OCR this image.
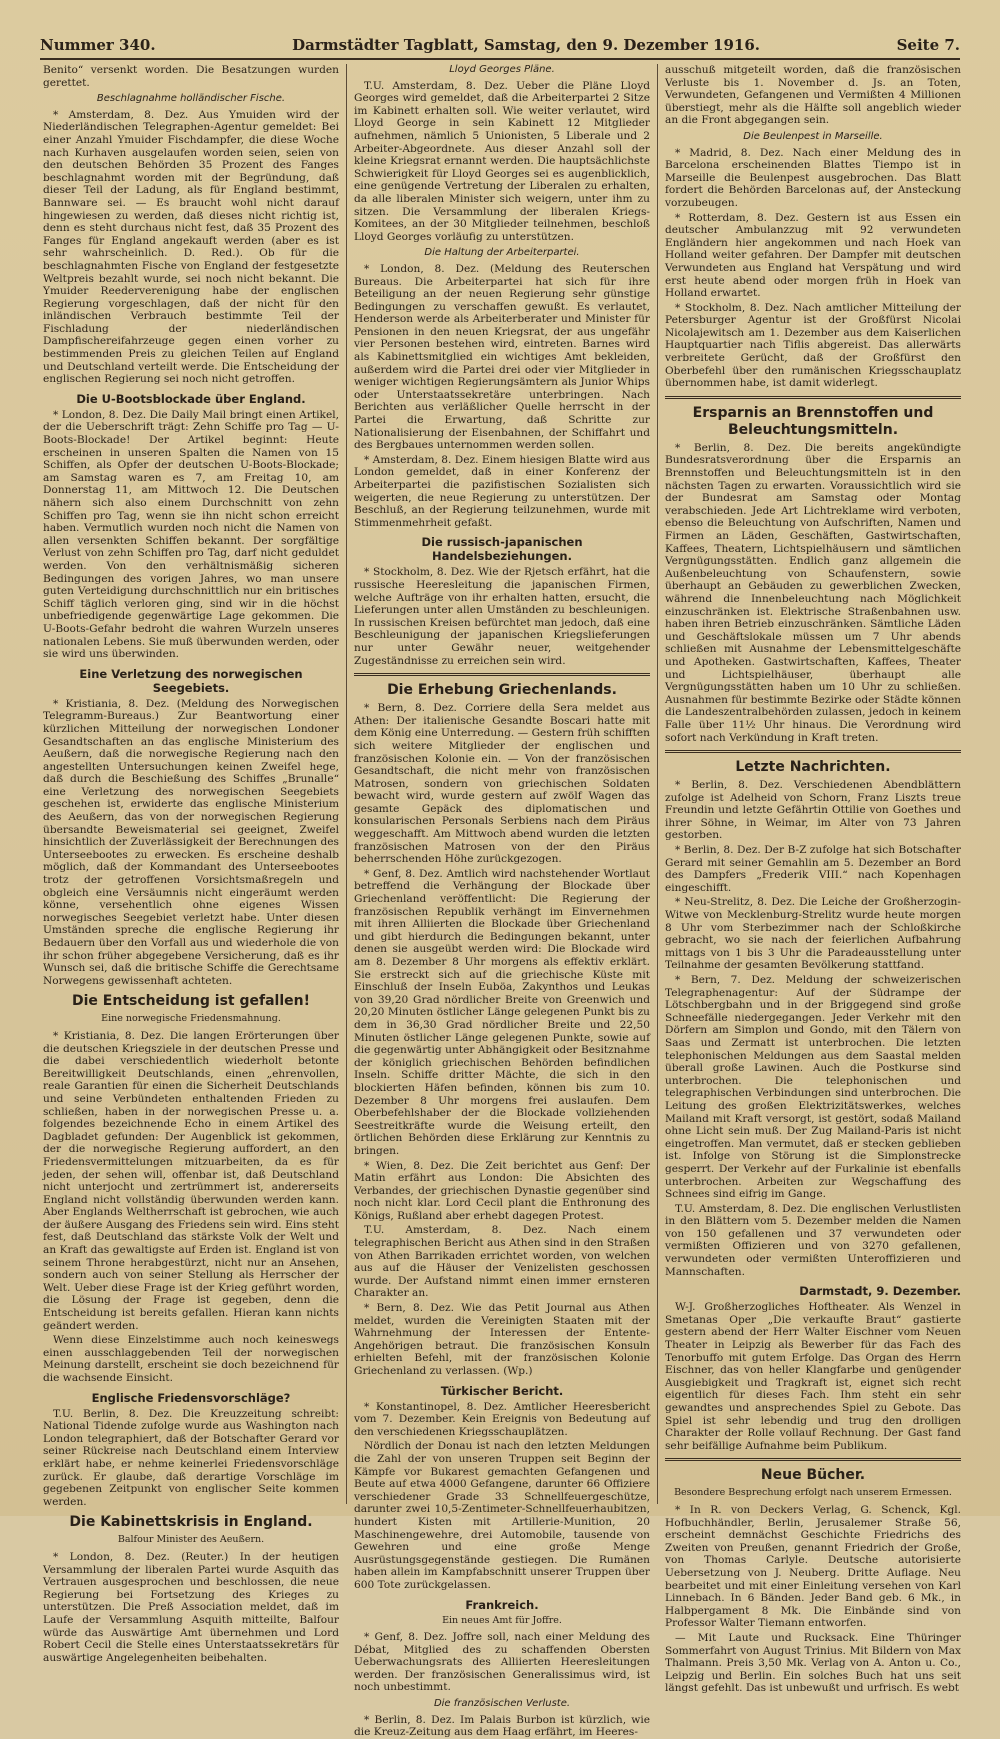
Nummer 340.	Darmstädter Tagblatt, Samstag, den 9. Dezember 1916.	Seite 7.

Benito“ versenkt worden. Die Besatzungen wurden gerettet.

Beschlagnahme holländischer Fische.

* Amsterdam, 8. Dez. Aus Ymuiden wird der Niederländischen Telegraphen-Agentur gemeldet: Bei einer Anzahl Ymuider Fischdampfer, die diese Woche nach Kurhaven ausgelaufen worden seien, seien von den deutschen Behörden 35 Prozent des Fanges beschlagnahmt worden mit der Begründung, daß dieser Teil der Ladung, als für England bestimmt, Bannware sei. — Es braucht wohl nicht darauf hingewiesen zu werden, daß dieses nicht richtig ist, denn es steht durchaus nicht fest, daß 35 Prozent des Fanges für England angekauft werden (aber es ist sehr wahrscheinlich. D. Red.). Ob für die beschlagnahmten Fische von England der festgesetzte Weltpreis bezahlt wurde, sei noch nicht bekannt. Die Ymuider Reederverenigung habe der englischen Regierung vorgeschlagen, daß der nicht für den inländischen Verbrauch bestimmte Teil der Fischladung der niederländischen Dampfischereifahrzeuge gegen einen vorher zu bestimmenden Preis zu gleichen Teilen auf England und Deutschland verteilt werde. Die Entscheidung der englischen Regierung sei noch nicht getroffen.

Die U-Bootsblockade über England.

* London, 8. Dez. Die Daily Mail bringt einen Artikel, der die Ueberschrift trägt: Zehn Schiffe pro Tag — U-Boots-Blockade! Der Artikel beginnt: Heute erscheinen in unseren Spalten die Namen von 15 Schiffen, als Opfer der deutschen U-Boots-Blockade; am Samstag waren es 7, am Freitag 10, am Donnerstag 11, am Mittwoch 12. Die Deutschen nähern sich also einem Durchschnitt von zehn Schiffen pro Tag, wenn sie ihn nicht schon erreicht haben. Vermutlich wurden noch nicht die Namen von allen versenkten Schiffen bekannt. Der sorgfältige Verlust von zehn Schiffen pro Tag, darf nicht geduldet werden. Von den verhältnismäßig sicheren Bedingungen des vorigen Jahres, wo man unsere guten Verteidigung durchschnittlich nur ein britisches Schiff täglich verloren ging, sind wir in die höchst unbefriedigende gegenwärtige Lage gekommen. Die U-Boots-Gefahr bedroht die wahren Wurzeln unseres nationalen Lebens. Sie muß überwunden werden, oder sie wird uns überwinden.

Eine Verletzung des norwegischen Seegebiets.

* Kristiania, 8. Dez. (Meldung des Norwegischen Telegramm-Bureaus.) Zur Beantwortung einer kürzlichen Mitteilung der norwegischen Londoner Gesandtschaften an das englische Ministerium des Aeußern, daß die norwegische Regierung nach den angestellten Untersuchungen keinen Zweifel hege, daß durch die Beschießung des Schiffes „Brunalle“ eine Verletzung des norwegischen Seegebiets geschehen ist, erwiderte das englische Ministerium des Aeußern, das von der norwegischen Regierung übersandte Beweismaterial sei geeignet, Zweifel hinsichtlich der Zuverlässigkeit der Berechnungen des Unterseebootes zu erwecken. Es erscheine deshalb möglich, daß der Kommandant des Unterseebootes trotz der getroffenen Vorsichtsmaßregeln und obgleich eine Versäumnis nicht eingeräumt werden könne, versehentlich ohne eigenes Wissen norwegisches Seegebiet verletzt habe. Unter diesen Umständen spreche die englische Regierung ihr Bedauern über den Vorfall aus und wiederhole die von ihr schon früher abgegebene Versicherung, daß es ihr Wunsch sei, daß die britische Schiffe die Gerechtsame Norwegens gewissenhaft achteten.

Die Entscheidung ist gefallen!
Eine norwegische Friedensmahnung.

* Kristiania, 8. Dez. Die langen Erörterungen über die deutschen Kriegsziele in der deutschen Presse und die dabei verschiedentlich wiederholt betonte Bereitwilligkeit Deutschlands, einen „ehrenvollen, reale Garantien für einen die Sicherheit Deutschlands und seine Verbündeten enthaltenden Frieden zu schließen, haben in der norwegischen Presse u. a. folgendes bezeichnende Echo in einem Artikel des Dagbladet gefunden: Der Augenblick ist gekommen, der die norwegische Regierung auffordert, an den Friedensvermittelungen mitzuarbeiten, da es für jeden, der sehen will, offenbar ist, daß Deutschland nicht unterjocht und zertrümmert ist, andererseits England nicht vollständig überwunden werden kann. Aber Englands Weltherrschaft ist gebrochen, wie auch der äußere Ausgang des Friedens sein wird. Eins steht fest, daß Deutschland das stärkste Volk der Welt und an Kraft das gewaltigste auf Erden ist. England ist von seinem Throne herabgestürzt, nicht nur an Ansehen, sondern auch von seiner Stellung als Herrscher der Welt. Ueber diese Frage ist der Krieg geführt worden, die Lösung der Frage ist gegeben, denn die Entscheidung ist bereits gefallen. Hieran kann nichts geändert werden.

Wenn diese Einzelstimme auch noch keineswegs einen ausschlaggebenden Teil der norwegischen Meinung darstellt, erscheint sie doch bezeichnend für die wachsende Einsicht.

Englische Friedensvorschläge?

T.U. Berlin, 8. Dez. Die Kreuzzeitung schreibt: National Tidende zufolge wurde aus Washington nach London telegraphiert, daß der Botschafter Gerard vor seiner Rückreise nach Deutschland einem Interview erklärt habe, er nehme keinerlei Friedensvorschläge zurück. Er glaube, daß derartige Vorschläge im gegebenen Zeitpunkt von englischer Seite kommen werden.

Die Kabinettskrisis in England.
Balfour Minister des Aeußern.

* London, 8. Dez. (Reuter.) In der heutigen Versammlung der liberalen Partei wurde Asquith das Vertrauen ausgesprochen und beschlossen, die neue Regierung bei Fortsetzung des Krieges zu unterstützen. Die Preß Association meldet, daß im Laufe der Versammlung Asquith mitteilte, Balfour würde das Auswärtige Amt übernehmen und Lord Robert Cecil die Stelle eines Unterstaatssekretärs für auswärtige Angelegenheiten beibehalten.

Lloyd Georges Pläne.

T.U. Amsterdam, 8. Dez. Ueber die Pläne Lloyd Georges wird gemeldet, daß die Arbeiterpartei 2 Sitze im Kabinett erhalten soll. Wie weiter verlautet, wird Lloyd George in sein Kabinett 12 Mitglieder aufnehmen, nämlich 5 Unionisten, 5 Liberale und 2 Arbeiter-Abgeordnete. Aus dieser Anzahl soll der kleine Kriegsrat ernannt werden. Die hauptsächlichste Schwierigkeit für Lloyd Georges sei es augenblicklich, eine genügende Vertretung der Liberalen zu erhalten, da alle liberalen Minister sich weigern, unter ihm zu sitzen. Die Versammlung der liberalen Kriegs-Komitees, an der 30 Mitglieder teilnehmen, beschloß Lloyd Georges vorläufig zu unterstützen.

Die Haltung der Arbeiterpartei.

* London, 8. Dez. (Meldung des Reuterschen Bureaus. Die Arbeiterpartei hat sich für ihre Beteiligung an der neuen Regierung sehr günstige Bedingungen zu verschaffen gewußt. Es verlautet, Henderson werde als Arbeiterberater und Minister für Pensionen in den neuen Kriegsrat, der aus ungefähr vier Personen bestehen wird, eintreten. Barnes wird als Kabinettsmitglied ein wichtiges Amt bekleiden, außerdem wird die Partei drei oder vier Mitglieder in weniger wichtigen Regierungsämtern als Junior Whips oder Unterstaatssekretäre unterbringen. Nach Berichten aus verläßlicher Quelle herrscht in der Partei die Erwartung, daß Schritte zur Nationalisierung der Eisenbahnen, der Schiffahrt und des Bergbaues unternommen werden sollen.

* Amsterdam, 8. Dez. Einem hiesigen Blatte wird aus London gemeldet, daß in einer Konferenz der Arbeiterpartei die pazifistischen Sozialisten sich weigerten, die neue Regierung zu unterstützen. Der Beschluß, an der Regierung teilzunehmen, wurde mit Stimmenmehrheit gefaßt.

Die russisch-japanischen Handelsbeziehungen.

* Stockholm, 8. Dez. Wie der Rjetsch erfährt, hat die russische Heeresleitung die japanischen Firmen, welche Aufträge von ihr erhalten hatten, ersucht, die Lieferungen unter allen Umständen zu beschleunigen. In russischen Kreisen befürchtet man jedoch, daß eine Beschleunigung der japanischen Kriegslieferungen nur unter Gewähr neuer, weitgehender Zugeständnisse zu erreichen sein wird.

Die Erhebung Griechenlands.

* Bern, 8. Dez. Corriere della Sera meldet aus Athen: Der italienische Gesandte Boscari hatte mit dem König eine Unterredung. — Gestern früh schifften sich weitere Mitglieder der englischen und französischen Kolonie ein. — Von der französischen Gesandtschaft, die nicht mehr von französischen Matrosen, sondern von griechischen Soldaten bewacht wird, wurde gestern auf zwölf Wagen das gesamte Gepäck des diplomatischen und konsularischen Personals Serbiens nach dem Piräus weggeschafft. Am Mittwoch abend wurden die letzten französischen Matrosen von der den Piräus beherrschenden Höhe zurückgezogen.

* Genf, 8. Dez. Amtlich wird nachstehender Wortlaut betreffend die Verhängung der Blockade über Griechenland veröffentlicht: Die Regierung der französischen Republik verhängt im Einvernehmen mit ihren Alliierten die Blockade über Griechenland und gibt hierdurch die Bedingungen bekannt, unter denen sie ausgeübt werden wird: Die Blockade wird am 8. Dezember 8 Uhr morgens als effektiv erklärt. Sie erstreckt sich auf die griechische Küste mit Einschluß der Inseln Euböa, Zakynthos und Leukas von 39,20 Grad nördlicher Breite von Greenwich und 20,20 Minuten östlicher Länge gelegenen Punkt bis zu dem in 36,30 Grad nördlicher Breite und 22,50 Minuten östlicher Länge gelegenen Punkte, sowie auf die gegenwärtig unter Abhängigkeit oder Besitznahme der königlich griechischen Behörden befindlichen Inseln. Schiffe dritter Mächte, die sich in den blockierten Häfen befinden, können bis zum 10. Dezember 8 Uhr morgens frei auslaufen. Dem Oberbefehlshaber der die Blockade vollziehenden Seestreitkräfte wurde die Weisung erteilt, den örtlichen Behörden diese Erklärung zur Kenntnis zu bringen.

* Wien, 8. Dez. Die Zeit berichtet aus Genf: Der Matin erfährt aus London: Die Absichten des Verbandes, der griechischen Dynastie gegenüber sind noch nicht klar. Lord Cecil plant die Enthronung des Königs, Rußland aber erhebt dagegen Protest.

T.U. Amsterdam, 8. Dez. Nach einem telegraphischen Bericht aus Athen sind in den Straßen von Athen Barrikaden errichtet worden, von welchen aus auf die Häuser der Venizelisten geschossen wurde. Der Aufstand nimmt einen immer ernsteren Charakter an.

* Bern, 8. Dez. Wie das Petit Journal aus Athen meldet, wurden die Vereinigten Staaten mit der Wahrnehmung der Interessen der Entente-Angehörigen betraut. Die französischen Konsuln erhielten Befehl, mit der französischen Kolonie Griechenland zu verlassen. (Wp.)

Türkischer Bericht.

* Konstantinopel, 8. Dez. Amtlicher Heeresbericht vom 7. Dezember. Kein Ereignis von Bedeutung auf den verschiedenen Kriegsschauplätzen.

Nördlich der Donau ist nach den letzten Meldungen die Zahl der von unseren Truppen seit Beginn der Kämpfe vor Bukarest gemachten Gefangenen und Beute auf etwa 4000 Gefangene, darunter 66 Offiziere verschiedener Grade 33 Schnellfeuergeschütze, darunter zwei 10,5-Zentimeter-Schnellfeuerhaubitzen, hundert Kisten mit Artillerie-Munition, 20 Maschinengewehre, drei Automobile, tausende von Gewehren und eine große Menge Ausrüstungsgegenstände gestiegen. Die Rumänen haben allein im Kampfabschnitt unserer Truppen über 600 Tote zurückgelassen.

Frankreich.
Ein neues Amt für Joffre.

* Genf, 8. Dez. Joffre soll, nach einer Meldung des Débat, Mitglied des zu schaffenden Obersten Ueberwachungsrats des Alliierten Heeresleitungen werden. Der französischen Generalissimus wird, ist noch unbestimmt.

Die französischen Verluste.

* Berlin, 8. Dez. Im Palais Burbon ist kürzlich, wie die Kreuz-Zeitung aus dem Haag erfährt, im Heeres-

ausschuß mitgeteilt worden, daß die französischen Verluste bis 1. November d. Js. an Toten, Verwundeten, Gefangenen und Vermißten 4 Millionen überstiegt, mehr als die Hälfte soll angeblich wieder an die Front abgegangen sein.

Die Beulenpest in Marseille.

* Madrid, 8. Dez. Nach einer Meldung des in Barcelona erscheinenden Blattes Tiempo ist in Marseille die Beulenpest ausgebrochen. Das Blatt fordert die Behörden Barcelonas auf, der Ansteckung vorzubeugen.

* Rotterdam, 8. Dez. Gestern ist aus Essen ein deutscher Ambulanzzug mit 92 verwundeten Engländern hier angekommen und nach Hoek van Holland weiter gefahren. Der Dampfer mit deutschen Verwundeten aus England hat Verspätung und wird erst heute abend oder morgen früh in Hoek van Holland erwartet.

* Stockholm, 8. Dez. Nach amtlicher Mitteilung der Petersburger Agentur ist der Großfürst Nicolai Nicolajewitsch am 1. Dezember aus dem Kaiserlichen Hauptquartier nach Tiflis abgereist. Das allerwärts verbreitete Gerücht, daß der Großfürst den Oberbefehl über den rumänischen Kriegsschauplatz übernommen habe, ist damit widerlegt.

Ersparnis an Brennstoffen und Beleuchtungsmitteln.

* Berlin, 8. Dez. Die bereits angekündigte Bundesratsverordnung über die Ersparnis an Brennstoffen und Beleuchtungsmitteln ist in den nächsten Tagen zu erwarten. Voraussichtlich wird sie der Bundesrat am Samstag oder Montag verabschieden. Jede Art Lichtreklame wird verboten, ebenso die Beleuchtung von Aufschriften, Namen und Firmen an Läden, Geschäften, Gastwirtschaften, Kaffees, Theatern, Lichtspielhäusern und sämtlichen Vergnügungsstätten. Endlich ganz allgemein die Außenbeleuchtung von Schaufenstern, sowie überhaupt an Gebäuden zu gewerblichen Zwecken, während die Innenbeleuchtung nach Möglichkeit einzuschränken ist. Elektrische Straßenbahnen usw. haben ihren Betrieb einzuschränken. Sämtliche Läden und Geschäftslokale müssen um 7 Uhr abends schließen mit Ausnahme der Lebensmittelgeschäfte und Apotheken. Gastwirtschaften, Kaffees, Theater und Lichtspielhäuser, überhaupt alle Vergnügungsstätten haben um 10 Uhr zu schließen. Ausnahmen für bestimmte Bezirke oder Städte können die Landeszentralbehörden zulassen, jedoch in keinem Falle über 11½ Uhr hinaus. Die Verordnung wird sofort nach Verkündung in Kraft treten.

Letzte Nachrichten.

* Berlin, 8. Dez. Verschiedenen Abendblättern zufolge ist Adelheid von Schorn, Franz Liszts treue Freundin und letzte Gefährtin Ottilie von Goethes und ihrer Söhne, in Weimar, im Alter von 73 Jahren gestorben.

* Berlin, 8. Dez. Der B-Z zufolge hat sich Botschafter Gerard mit seiner Gemahlin am 5. Dezember an Bord des Dampfers „Frederik VIII.“ nach Kopenhagen eingeschifft.

* Neu-Strelitz, 8. Dez. Die Leiche der Großherzogin-Witwe von Mecklenburg-Strelitz wurde heute morgen 8 Uhr vom Sterbezimmer nach der Schloßkirche gebracht, wo sie nach der feierlichen Aufbahrung mittags von 1 bis 3 Uhr die Paradeausstellung unter Teilnahme der gesamten Bevölkerung stattfand.

* Bern, 7. Dez. Meldung der schweizerischen Telegraphenagentur: Auf der Südrampe der Lötschbergbahn und in der Briggegend sind große Schneefälle niedergegangen. Jeder Verkehr mit den Dörfern am Simplon und Gondo, mit den Tälern von Saas und Zermatt ist unterbrochen. Die letzten telephonischen Meldungen aus dem Saastal melden überall große Lawinen. Auch die Postkurse sind unterbrochen. Die telephonischen und telegraphischen Verbindungen sind unterbrochen. Die Leitung des großen Elektrizitätswerkes, welches Mailand mit Kraft versorgt, ist gestört, sodaß Mailand ohne Licht sein muß. Der Zug Mailand-Paris ist nicht eingetroffen. Man vermutet, daß er stecken geblieben ist. Infolge von Störung ist die Simplonstrecke gesperrt. Der Verkehr auf der Furkalinie ist ebenfalls unterbrochen. Arbeiten zur Wegschaffung des Schnees sind eifrig im Gange.

T.U. Amsterdam, 8. Dez. Die englischen Verlustlisten in den Blättern vom 5. Dezember melden die Namen von 150 gefallenen und 37 verwundeten oder vermißten Offizieren und von 3270 gefallenen, verwundeten oder vermißten Unteroffizieren und Mannschaften.

Darmstadt, 9. Dezember.

W-J. Großherzogliches Hoftheater. Als Wenzel in Smetanas Oper „Die verkaufte Braut“ gastierte gestern abend der Herr Walter Eischner vom Neuen Theater in Leipzig als Bewerber für das Fach des Tenorbuffo mit gutem Erfolge. Das Organ des Herrn Eischner, das von heller Klangfarbe und genügender Ausgiebigkeit und Tragkraft ist, eignet sich recht eigentlich für dieses Fach. Ihm steht ein sehr gewandtes und ansprechendes Spiel zu Gebote. Das Spiel ist sehr lebendig und trug den drolligen Charakter der Rolle vollauf Rechnung. Der Gast fand sehr beifällige Aufnahme beim Publikum.

Neue Bücher.
Besondere Besprechung erfolgt nach unserem Ermessen.

* In R. von Deckers Verlag, G. Schenck, Kgl. Hofbuchhändler, Berlin, Jerusalemer Straße 56, erscheint demnächst Geschichte Friedrichs des Zweiten von Preußen, genannt Friedrich der Große, von Thomas Carlyle. Deutsche autorisierte Uebersetzung von J. Neuberg. Dritte Auflage. Neu bearbeitet und mit einer Einleitung versehen von Karl Linnebach. In 6 Bänden. Jeder Band geb. 6 Mk., in Halbpergament 8 Mk. Die Einbände sind von Professor Walter Tiemann entworfen.

— Mit Laute und Rucksack. Eine Thüringer Sommerfahrt von August Trinius. Mit Bildern von Max Thalmann. Preis 3,50 Mk. Verlag von A. Anton u. Co., Leipzig und Berlin. Ein solches Buch hat uns seit längst gefehlt. Das ist unbewußt und urfrisch. Es webt
